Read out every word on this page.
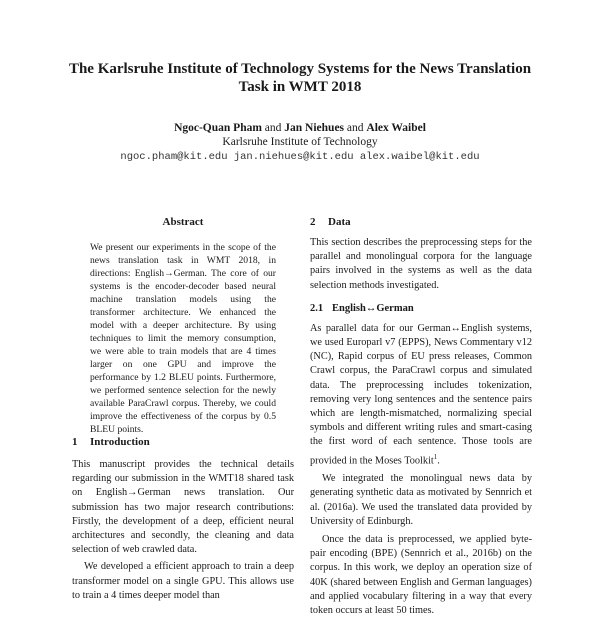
The Karlsruhe Institute of Technology Systems for the News Translation
Task in WMT 2018
Ngoc-Quan Pham and Jan Niehues and Alex Waibel
Karlsruhe Institute of Technology
ngoc.pham@kit.edu jan.niehues@kit.edu alex.waibel@kit.edu
Abstract
We present our experiments in the scope of the news translation task in WMT 2018, in directions: English→German. The core of our systems is the encoder-decoder based neural machine translation models using the transformer architecture. We enhanced the model with a deeper architecture. By using techniques to limit the memory consumption, we were able to train models that are 4 times larger on one GPU and improve the performance by 1.2 BLEU points. Furthermore, we performed sentence selection for the newly available ParaCrawl corpus. Thereby, we could improve the effectiveness of the corpus by 0.5 BLEU points.
1 Introduction

This manuscript provides the technical details regarding our submission in the WMT18 shared task on English→German news translation. Our submission has two major research contributions: Firstly, the development of a deep, efficient neural architectures and secondly, the cleaning and data selection of web crawled data.

We developed a efficient approach to train a deep transformer model on a single GPU. This allows use to train a 4 times deeper model than

2 Data

This section describes the preprocessing steps for the parallel and monolingual corpora for the language pairs involved in the systems as well as the data selection methods investigated.

2.1 English↔German

As parallel data for our German↔English systems, we used Europarl v7 (EPPS), News Commentary v12 (NC), Rapid corpus of EU press releases, Common Crawl corpus, the ParaCrawl corpus and simulated data. The preprocessing includes tokenization, removing very long sentences and the sentence pairs which are length-mismatched, normalizing special symbols and different writing rules and smart-casing the first word of each sentence. Those tools are provided in the Moses Toolkit$^1$.

We integrated the monolingual news data by generating synthetic data as motivated by Sennrich et al. (2016a). We used the translated data provided by University of Edinburgh.

Once the data is preprocessed, we applied byte-pair encoding (BPE) (Sennrich et al., 2016b) on the corpus. In this work, we deploy an operation size of 40K (shared between English and German languages) and applied vocabulary filtering in a way that every token occurs at least 50 times.
